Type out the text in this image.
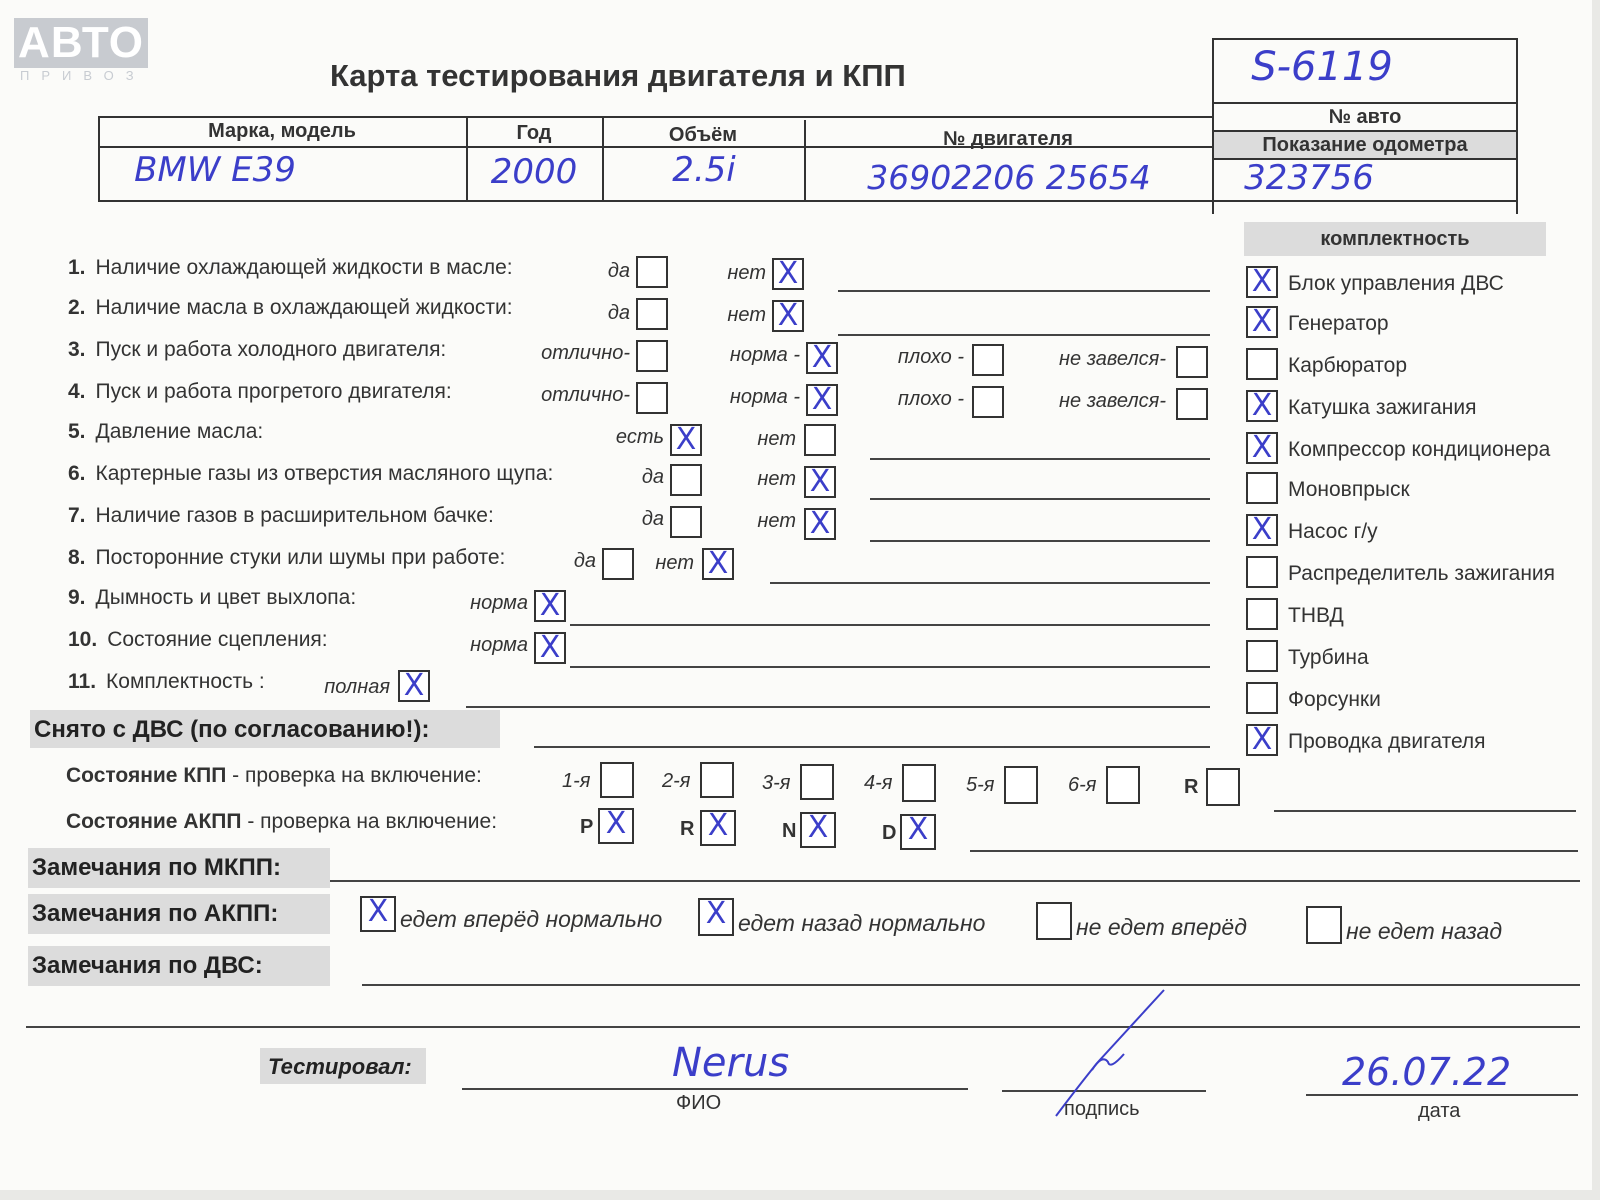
АВТО
ПРИВОЗ	Карта тестирования двигателя и КПП	S-6119
№ авто
Показание одометра
Марка, модель	Год	Объём	№ двигателя
BMW E39	2000	2.5i	36902206 25654	323756
1. Наличие охлаждающей жидкости в масле:	да	нет X
2. Наличие масла в охлаждающей жидкости:	да	нет X
3. Пуск и работа холодного двигателя:	отлично-	норма - X	плохо -	не завелся-
4. Пуск и работа прогретого двигателя:	отлично-	норма - X	плохо -	не завелся-
5. Давление масла:	есть X	нет
6. Картерные газы из отверстия масляного щупа:	да	нет X
7. Наличие газов в расширительном бачке:	да	нет X
8. Посторонние стуки или шумы при работе:	да	нет X
9. Дымность и цвет выхлопа:	норма X
10. Состояние сцепления:	норма X
11. Комплектность :	полная X
комплектность
X Блок управления ДВС
X Генератор
Карбюратор
X Катушка зажигания
X Компрессор кондиционера
Моновпрыск
X Насос г/у
Распределитель зажигания
ТНВД
Турбина
Форсунки
X Проводка двигателя
Снято с ДВС (по согласованию!):
Состояние КПП - проверка на включение:	1-я	2-я	3-я	4-я	5-я	6-я	R
Состояние АКПП - проверка на включение:	P X	R X	N X	D X
Замечания по МКПП:
Замечания по АКПП:	X едет вперёд нормально X едет назад нормально	не едет вперёд	не едет назад
Замечания по ДВС:
Тестировал:	Nerus
ФИО	подпись
26.07.22
дата
